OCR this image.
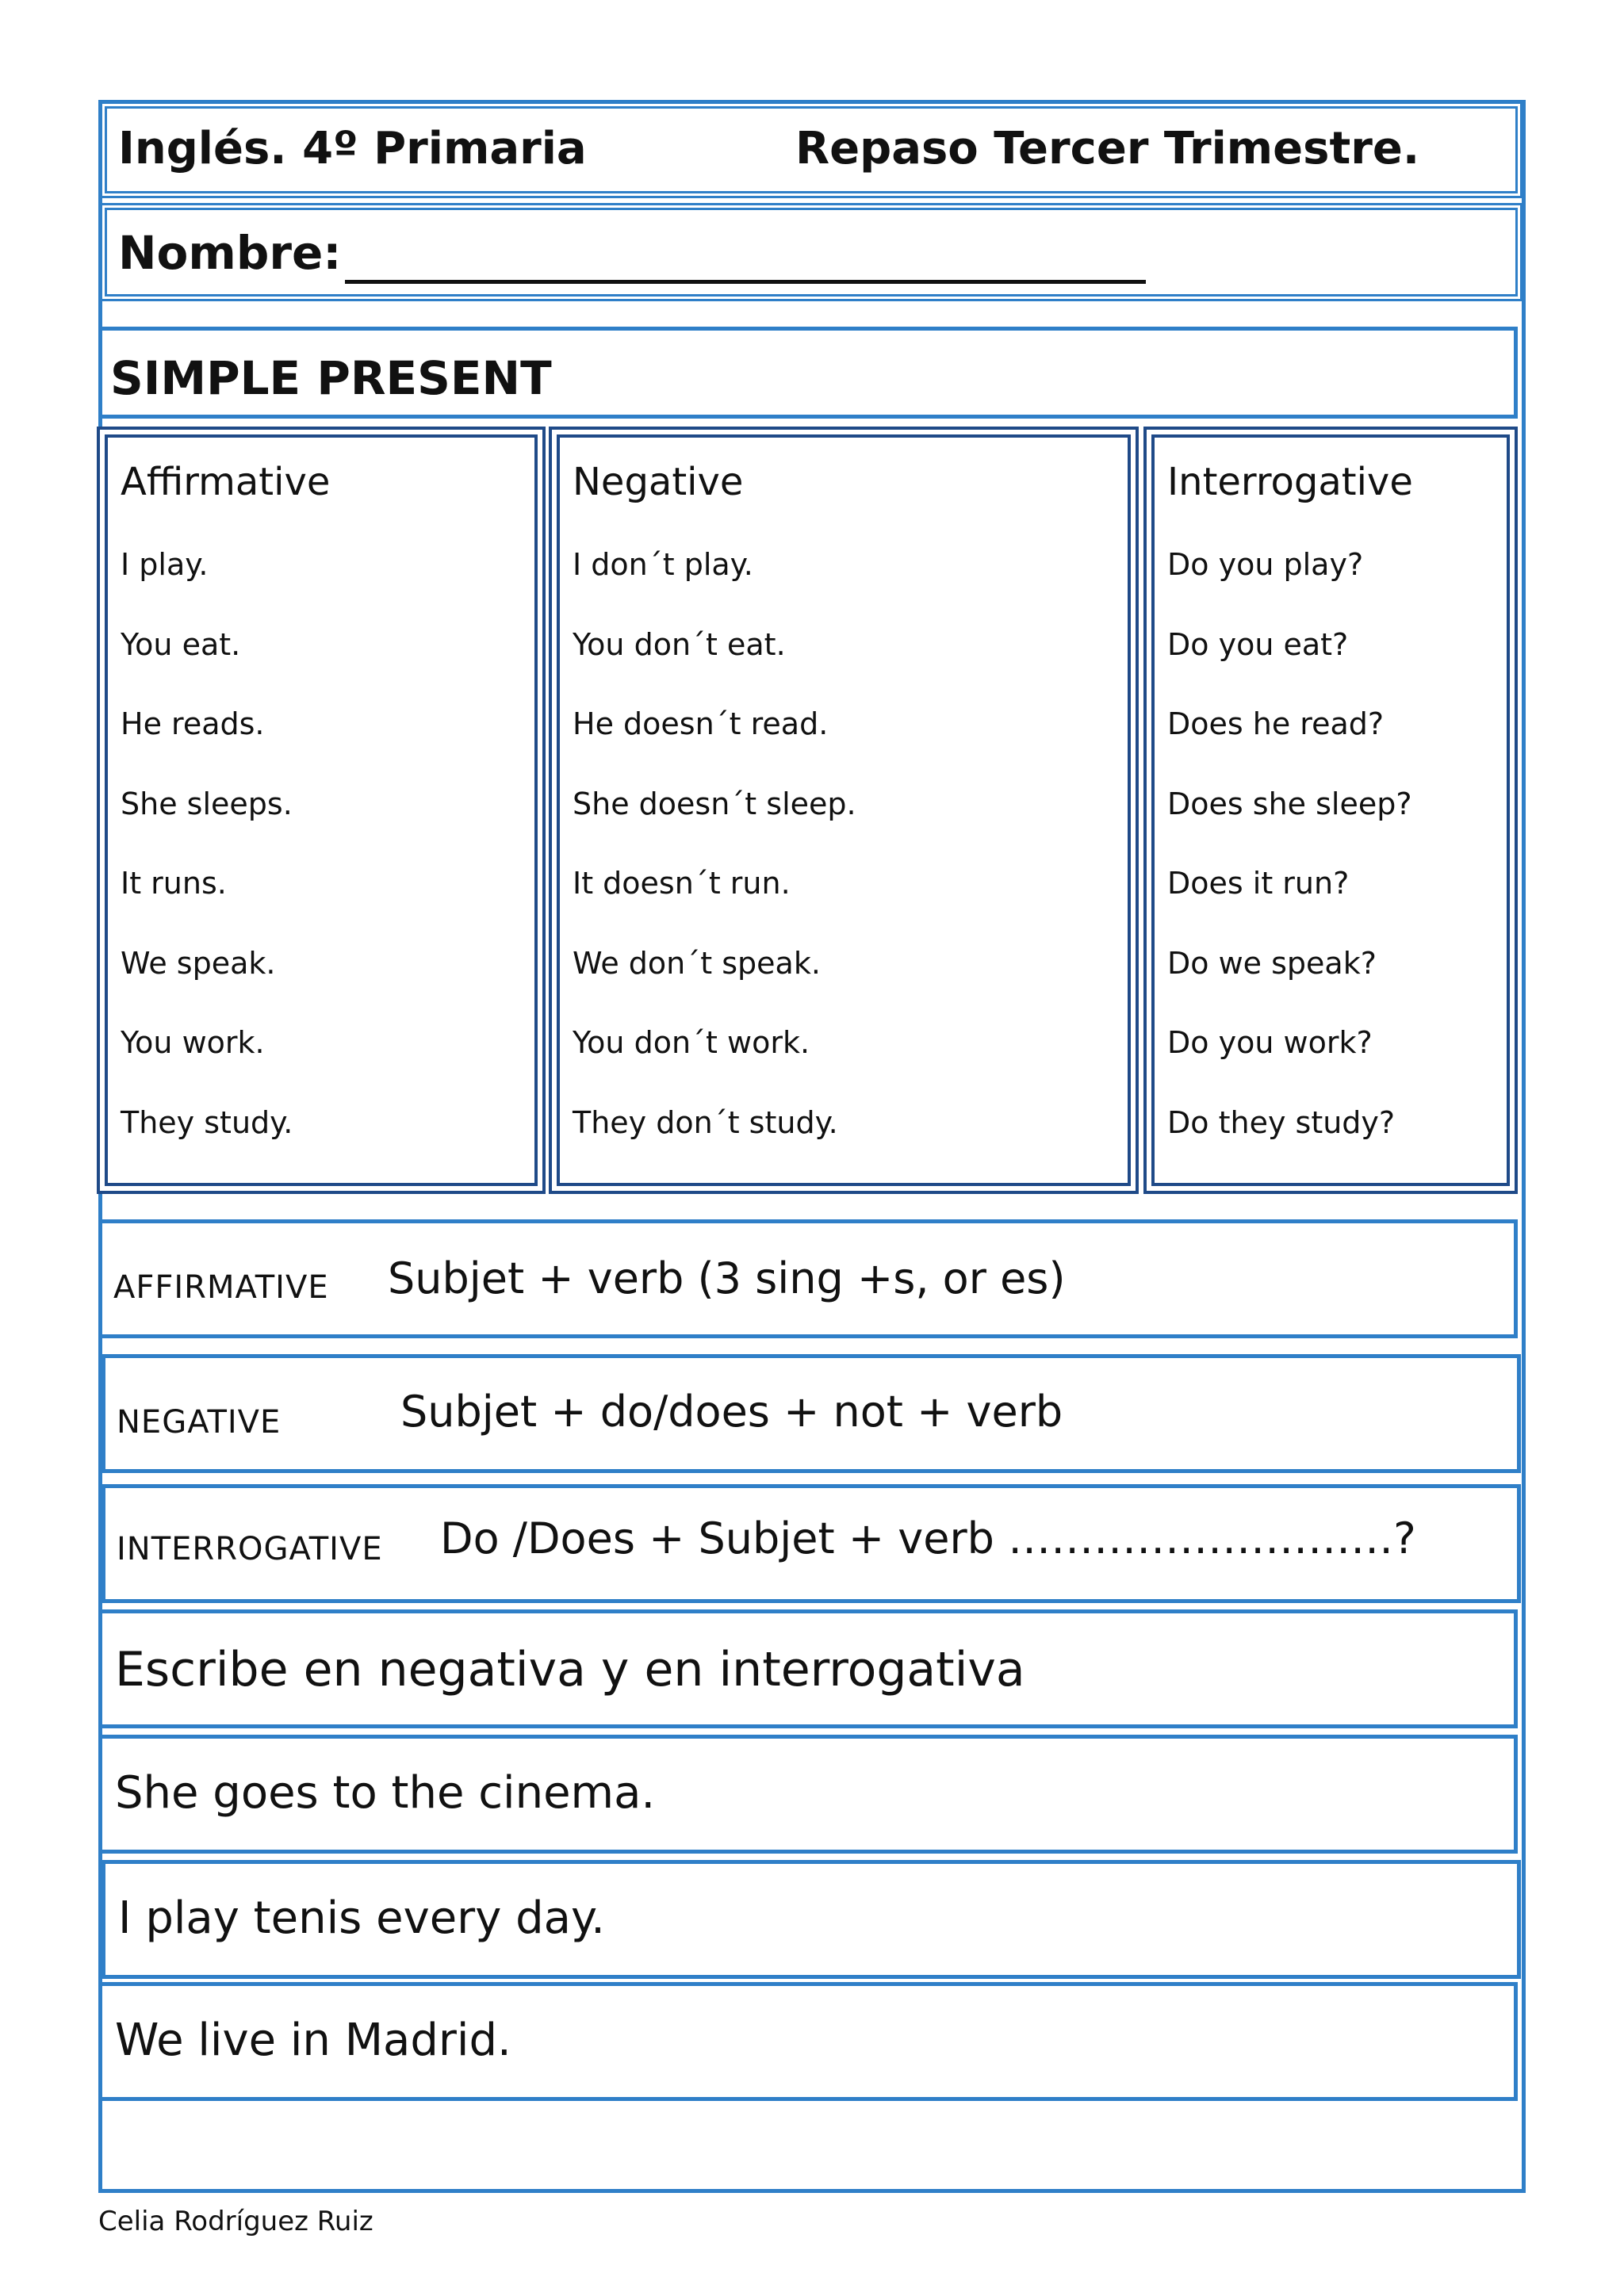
Inglés. 4º Primaria	Repaso Tercer Trimestre.
Nombre:
SIMPLE PRESENT
Affirmative
I play.
You eat.
He reads.
She sleeps.
It runs.
We speak.
You work.
They study.
Negative
I don´t play.
You don´t eat.
He doesn´t read.
She doesn´t sleep.
It doesn´t run.
We don´t speak.
You don´t work.
They don´t study.
Interrogative
Do you play?
Do you eat?
Does he read?
Does she sleep?
Does it run?
Do we speak?
Do you work?
Do they study?
AFFIRMATIVE Subjet + verb (3 sing +s, or es)
NEGATIVE	Subjet + do/does + not + verb
INTERROGATIVE Do /Does + Subjet + verb ………………………?
Escribe en negativa y en interrogativa
She goes to the cinema.
I play tenis every day.
We live in Madrid.
Celia Rodríguez Ruiz
